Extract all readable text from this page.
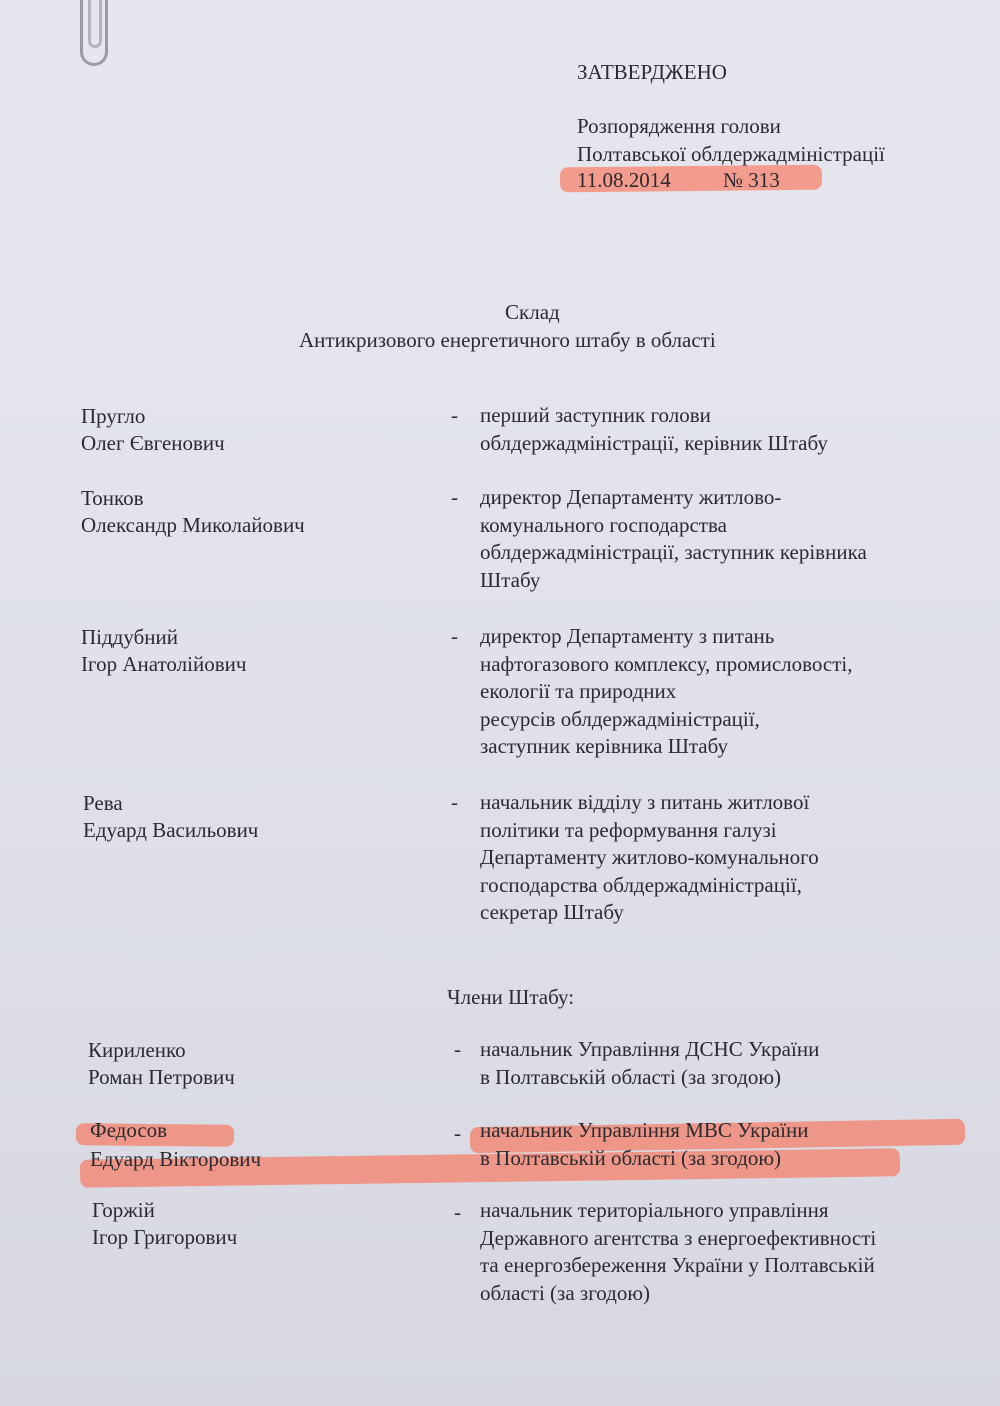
ЗАТВЕРДЖЕНО
Розпорядження голови
Полтавської облдержадміністрації
11.08.2014 № 313
Склад
Антикризового енергетичного штабу в області
Пругло
Олег Євгенович
- перший заступник голови

облдержадміністрації, керівник Штабу

Тонков
Олександр Миколайович
- директор Департаменту житлово-

комунального господарства

облдержадміністрації, заступник керівника

Штабу

Піддубний
Ігор Анатолійович
- директор Департаменту з питань

нафтогазового комплексу, промисловості,

екології та природних

ресурсів облдержадміністрації,

заступник керівника Штабу

Рева
Едуард Васильович
- начальник відділу з питань житлової

політики та реформування галузі

Департаменту житлово-комунального

господарства облдержадміністрації,

секретар Штабу

Члени Штабу:
Кириленко
Роман Петрович
- начальник Управління ДСНС України

в Полтавській області (за згодою)

Федосов
Едуард Вікторович
- начальник Управління МВС України

в Полтавській області (за згодою)

Горжій
Ігор Григорович
- начальник територіального управління

Державного агентства з енергоефективності

та енергозбереження України у Полтавській

області (за згодою)
